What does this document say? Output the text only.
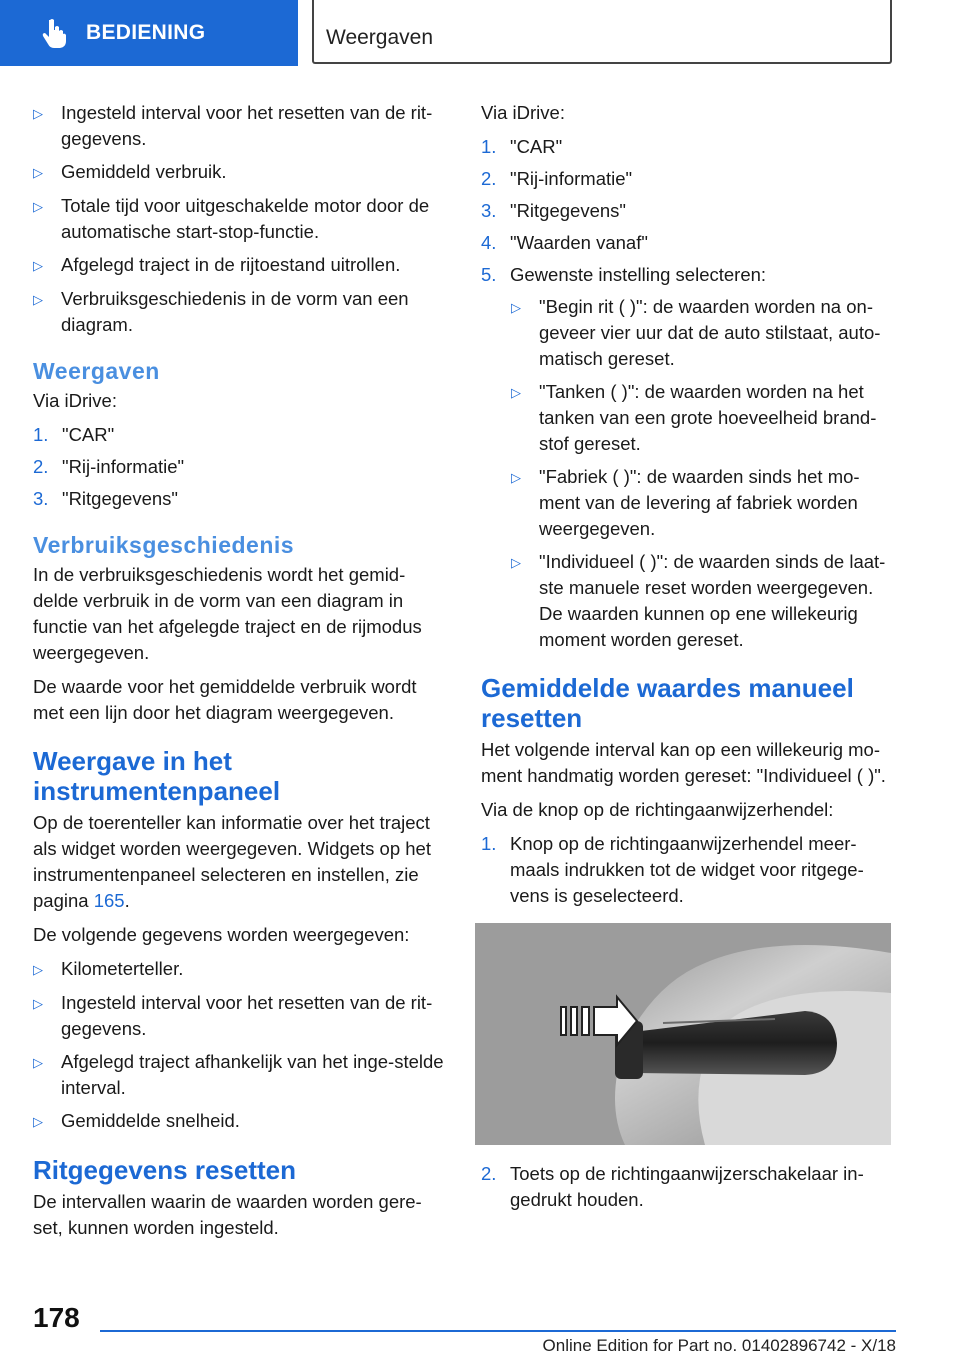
BEDIENING	Weergaven
▷ Ingesteld interval voor het resetten van de rit-gegevens.
▷ Gemiddeld verbruik.
▷ Totale tijd voor uitgeschakelde motor door de automatische start-stop-functie.
▷ Afgelegd traject in de rijtoestand uitrollen.
▷ Verbruiksgeschiedenis in de vorm van een diagram.
Weergaven

Via iDrive:

1. "CAR"
2. "Rij-informatie"
3. "Ritgegevens"
Verbruiksgeschiedenis

In de verbruiksgeschiedenis wordt het gemid-delde verbruik in de vorm van een diagram in functie van het afgelegde traject en de rijmodus weergegeven.

De waarde voor het gemiddelde verbruik wordt met een lijn door het diagram weergegeven.

Weergave in het instrumentenpaneel

Op de toerenteller kan informatie over het traject als widget worden weergegeven. Widgets op het instrumentenpaneel selecteren en instellen, zie pagina 165.

De volgende gegevens worden weergegeven:

▷ Kilometerteller.
▷ Ingesteld interval voor het resetten van de rit-gegevens.
▷ Afgelegd traject afhankelijk van het inge-stelde interval.
▷ Gemiddelde snelheid.
Ritgegevens resetten

De intervallen waarin de waarden worden gere-set, kunnen worden ingesteld.

Via iDrive:

1. "CAR"
2. "Rij-informatie"
3. "Ritgegevens"
4. "Waarden vanaf"
5. Gewenste instelling selecteren:
▷ "Begin rit ( )": de waarden worden na on-geveer vier uur dat de auto stilstaat, auto-matisch gereset.
▷ "Tanken ( )": de waarden worden na het tanken van een grote hoeveelheid brand-stof gereset.
▷ "Fabriek ( )": de waarden sinds het mo-ment van de levering af fabriek worden weergegeven.
▷ "Individueel ( )": de waarden sinds de laat-ste manuele reset worden weergegeven. De waarden kunnen op ene willekeurig moment worden gereset.
Gemiddelde waardes manueel resetten

Het volgende interval kan op een willekeurig mo-ment handmatig worden gereset: "Individueel ( )".

Via de knop op de richtingaanwijzerhendel:

1. Knop op de richtingaanwijzerhendel meer-maals indrukken tot de widget voor ritgege-vens is geselecteerd.
2. Toets op de richtingaanwijzerschakelaar in-gedrukt houden.
178
Online Edition for Part no. 01402896742 - X/18
